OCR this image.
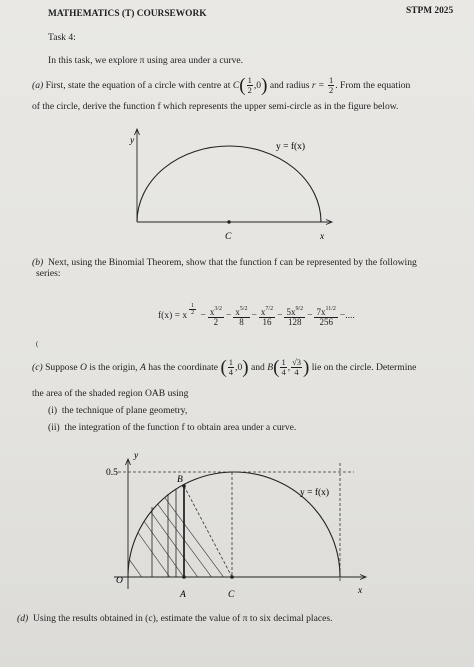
MATHEMATICS (T) COURSEWORK	STPM 2025
Task 4:
In this task, we explore π using area under a curve.
(a)
First, state the equation of a circle with centre at
C ( $\frac{1}{2}$ , 0 )
and radius
r =
$\frac{1}{2}$ . From the equation
of the circle, derive the function f which represents the upper semi-circle as in the figure below.
y
x
y = f(x)
C
(b) Next, using the Binomial Theorem, show that the function f can be represented by the following
series:
f(x) = x $\frac{1}{2} - \frac{x^{3/2}}{2} - \frac{x^{5/2}}{8} - \frac{x^{7/2}}{16} - \frac{5x^{9/2}}{128} - \frac{7x^{11/2}}{256}$ − ....
(
(c)
Suppose
O
is the origin,
A
has the coordinate
( $\frac{1}{4}$ , 0 )
and
B ( $\frac{1}{4}$ , $\frac{√3}{4}$ )
lie on the circle. Determine
the area of the shaded region OAB using
(i) the technique of plane geometry,
(ii) the integration of the function f to obtain area under a curve.
y
0.5
x
y = f(x)
O
A
B
C
(d) Using the results obtained in (c), estimate the value of π to six decimal places.
